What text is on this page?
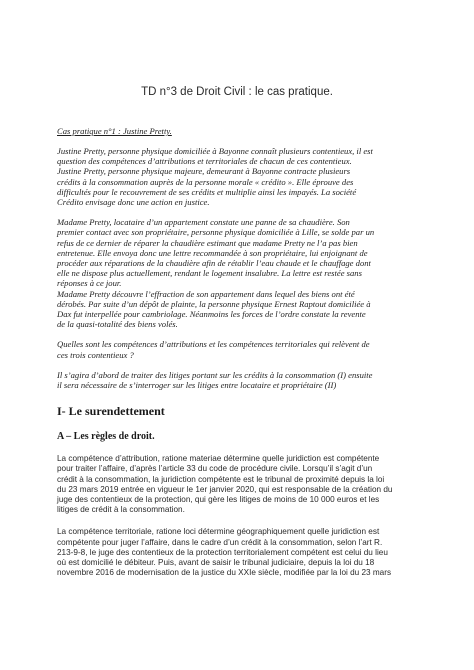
TD n°3 de Droit Civil : le cas pratique.
Cas pratique n°1 : Justine Pretty.
Justine Pretty, personne physique domiciliée à Bayonne connaît plusieurs contentieux, il est
question des compétences d’attributions et territoriales de chacun de ces contentieux.
Justine Pretty, personne physique majeure, demeurant à Bayonne contracte plusieurs
crédits à la consommation auprès de la personne morale « crédito ». Elle éprouve des
difficultés pour le recouvrement de ses crédits et multiplie ainsi les impayés. La société
Crédito envisage donc une action en justice.
Madame Pretty, locataire d’un appartement constate une panne de sa chaudière. Son
premier contact avec son propriétaire, personne physique domiciliée à Lille, se solde par un
refus de ce dernier de réparer la chaudière estimant que madame Pretty ne l’a pas bien
entretenue. Elle envoya donc une lettre recommandée à son propriétaire, lui enjoignant de
procéder aux réparations de la chaudière afin de rétablir l’eau chaude et le chauffage dont
elle ne dispose plus actuellement, rendant le logement insalubre. La lettre est restée sans
réponses à ce jour.
Madame Pretty découvre l’effraction de son appartement dans lequel des biens ont été
dérobés. Par suite d’un dépôt de plainte, la personne physique Ernest Raptout domiciliée à
Dax fut interpellée pour cambriolage. Néanmoins les forces de l’ordre constate la revente
de la quasi-totalité des biens volés.
Quelles sont les compétences d’attributions et les compétences territoriales qui relèvent de
ces trois contentieux ?
Il s’agira d’abord de traiter des litiges portant sur les crédits à la consommation (I) ensuite
il sera nécessaire de s’interroger sur les litiges entre locataire et propriétaire (II)
I- Le surendettement
A – Les règles de droit.
La compétence d’attribution, ratione materiae détermine quelle juridiction est compétente
pour traiter l’affaire, d’après l’article 33 du code de procédure civile. Lorsqu’il s’agit d’un
crédit à la consommation, la juridiction compétente est le tribunal de proximité depuis la loi
du 23 mars 2019 entrée en vigueur le 1er janvier 2020, qui est responsable de la création du
juge des contentieux de la protection, qui gère les litiges de moins de 10 000 euros et les
litiges de crédit à la consommation.
La compétence territoriale, ratione loci détermine géographiquement quelle juridiction est
compétente pour juger l’affaire, dans le cadre d’un crédit à la consommation, selon l’art R.
213-9-8, le juge des contentieux de la protection territorialement compétent est celui du lieu
où est domicilié le débiteur. Puis, avant de saisir le tribunal judiciaire, depuis la loi du 18
novembre 2016 de modernisation de la justice du XXIe siècle, modifiée par la loi du 23 mars
